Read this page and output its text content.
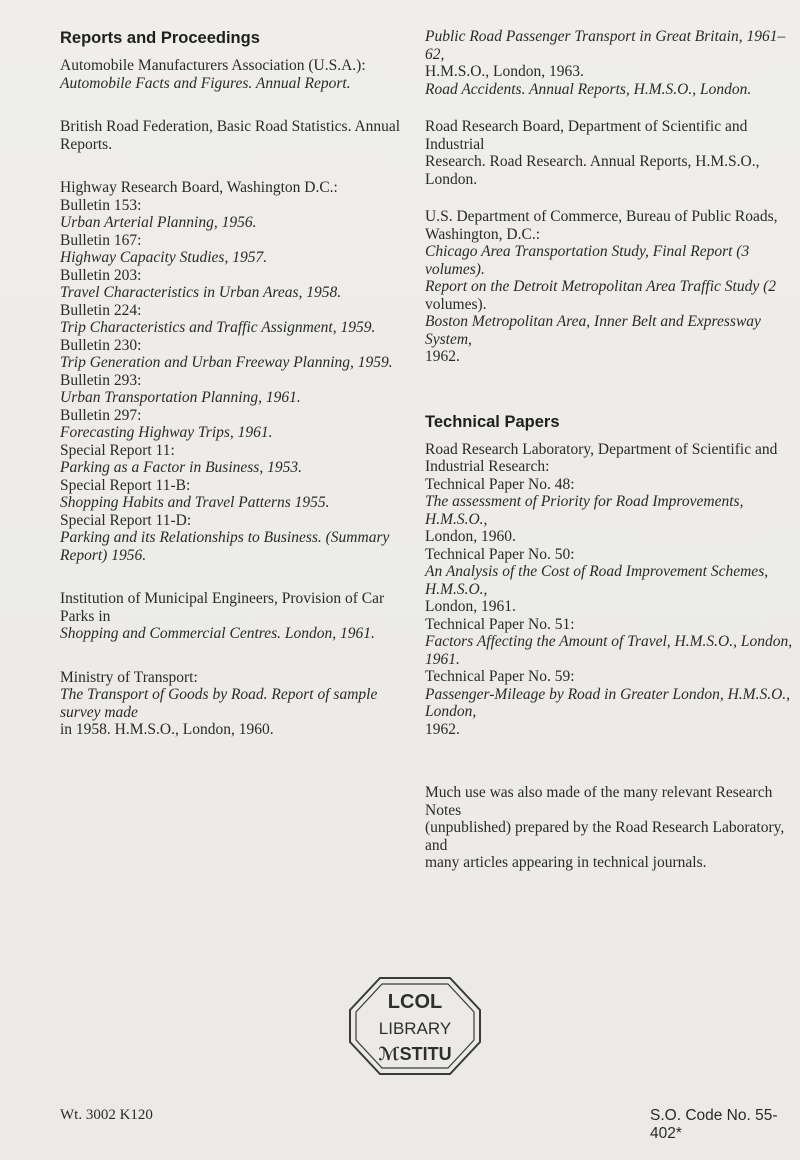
Reports and Proceedings
Automobile Manufacturers Association (U.S.A.):
Automobile Facts and Figures. Annual Report.
British Road Federation, Basic Road Statistics. Annual Reports.
Highway Research Board, Washington D.C.:
Bulletin 153:
Urban Arterial Planning, 1956.
Bulletin 167:
Highway Capacity Studies, 1957.
Bulletin 203:
Travel Characteristics in Urban Areas, 1958.
Bulletin 224:
Trip Characteristics and Traffic Assignment, 1959.
Bulletin 230:
Trip Generation and Urban Freeway Planning, 1959.
Bulletin 293:
Urban Transportation Planning, 1961.
Bulletin 297:
Forecasting Highway Trips, 1961.
Special Report 11:
Parking as a Factor in Business, 1953.
Special Report 11-B:
Shopping Habits and Travel Patterns 1955.
Special Report 11-D:
Parking and its Relationships to Business. (Summary Report) 1956.
Institution of Municipal Engineers, Provision of Car Parks in
Shopping and Commercial Centres. London, 1961.
Ministry of Transport:
The Transport of Goods by Road. Report of sample survey made
in 1958. H.M.S.O., London, 1960.
Public Road Passenger Transport in Great Britain, 1961–62,
H.M.S.O., London, 1963.
Road Accidents. Annual Reports, H.M.S.O., London.
Road Research Board, Department of Scientific and Industrial
Research. Road Research. Annual Reports, H.M.S.O., London.
U.S. Department of Commerce, Bureau of Public Roads,
Washington, D.C.:
Chicago Area Transportation Study, Final Report (3 volumes).
Report on the Detroit Metropolitan Area Traffic Study (2
volumes).
Boston Metropolitan Area, Inner Belt and Expressway System,
1962.
Technical Papers
Road Research Laboratory, Department of Scientific and
Industrial Research:
Technical Paper No. 48:
The assessment of Priority for Road Improvements, H.M.S.O.,
London, 1960.
Technical Paper No. 50:
An Analysis of the Cost of Road Improvement Schemes, H.M.S.O.,
London, 1961.
Technical Paper No. 51:
Factors Affecting the Amount of Travel, H.M.S.O., London, 1961.
Technical Paper No. 59:
Passenger-Mileage by Road in Greater London, H.M.S.O., London,
1962.
Much use was also made of the many relevant Research Notes
(unpublished) prepared by the Road Research Laboratory, and
many articles appearing in technical journals.
LCOL
LIBRARY
ℳSTITU
Wt. 3002 K120	S.O. Code No. 55-402*
